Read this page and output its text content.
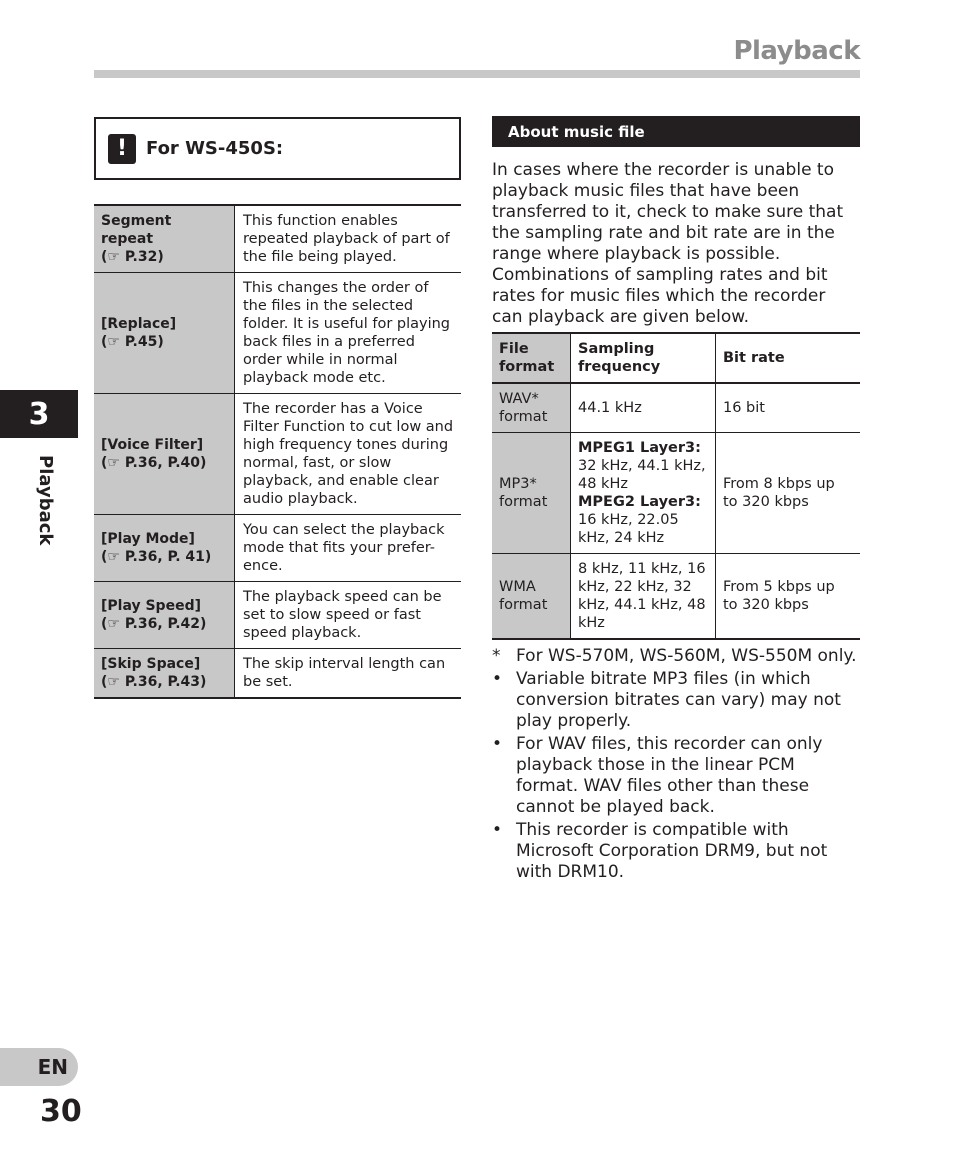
Playback
3
Playback
EN
30
!	For WS-450S:
Segment repeat
(☞ P.32)	This function enables repeated playback of part of the file being played.
[Replace]
(☞ P.45)	This changes the order of the files in the selected folder. It is useful for playing back files in a preferred order while in normal playback mode etc.
[Voice Filter]
(☞ P.36, P.40)	The recorder has a Voice Filter Function to cut low and high frequency tones during normal, fast, or slow playback, and enable clear audio playback.
[Play Mode]
(☞ P.36, P. 41)	You can select the playback mode that fits your prefer-ence.
[Play Speed]
(☞ P.36, P.42)	The playback speed can be set to slow speed or fast speed playback.
[Skip Space]
(☞ P.36, P.43)	The skip interval length can be set.
About music file
In cases where the recorder is unable to playback music files that have been transferred to it, check to make sure that the sampling rate and bit rate are in the range where playback is possible. Combinations of sampling rates and bit rates for music files which the recorder can playback are given below.
File format	Sampling frequency	Bit rate
WAV* format	44.1 kHz	16 bit
MP3* format	MPEG1 Layer3:
32 kHz, 44.1 kHz, 48 kHz
MPEG2 Layer3:
16 kHz, 22.05 kHz, 24 kHz	From 8 kbps up to 320 kbps
WMA format	8 kHz, 11 kHz, 16 kHz, 22 kHz, 32 kHz, 44.1 kHz, 48 kHz	From 5 kbps up to 320 kbps
* For WS-570M, WS-560M, WS-550M only.
• Variable bitrate MP3 files (in which conversion bitrates can vary) may not play properly.
• For WAV files, this recorder can only playback those in the linear PCM format. WAV files other than these cannot be played back.
• This recorder is compatible with Microsoft Corporation DRM9, but not with DRM10.
